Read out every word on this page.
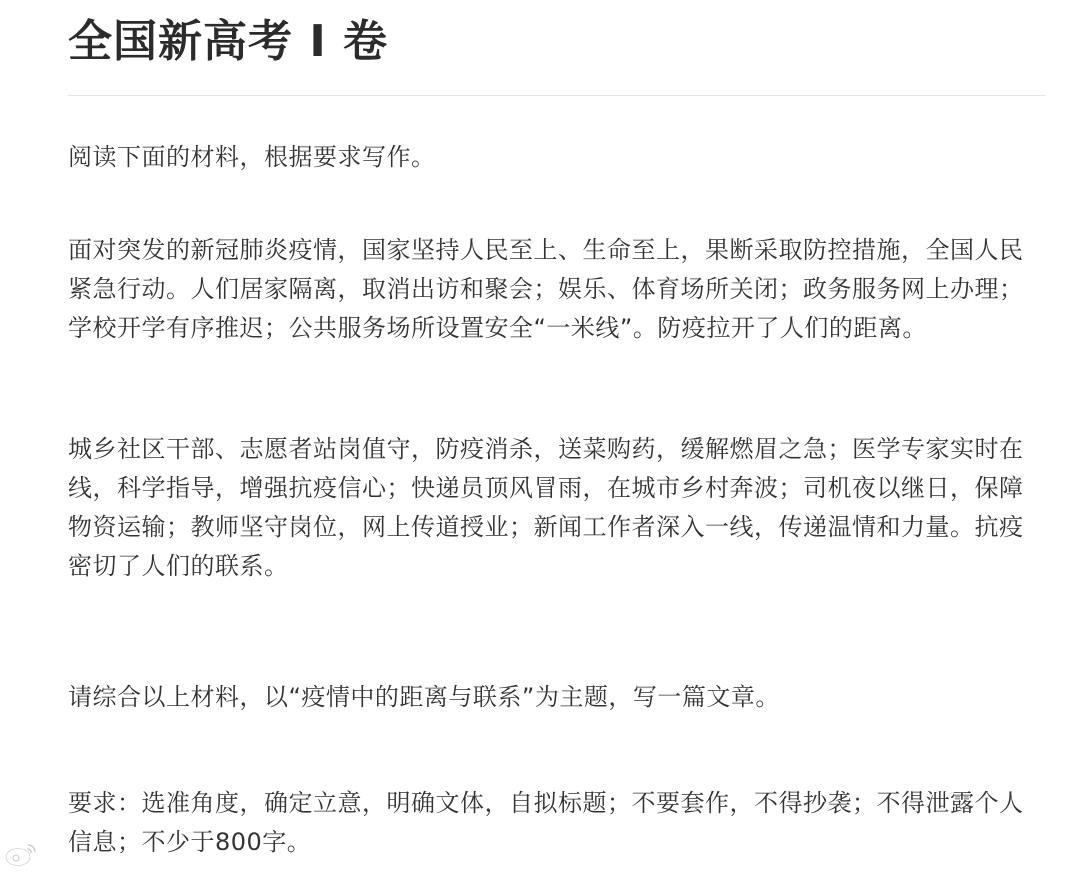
全国新高考 I 卷

阅读下面的材料，根据要求写作。

面对突发的新冠肺炎疫情，国家坚持人民至上、生命至上，果断采取防控措施，全国人民紧急行动。人们居家隔离，取消出访和聚会；娱乐、体育场所关闭；政务服务网上办理；学校开学有序推迟；公共服务场所设置安全“一米线”。防疫拉开了人们的距离。

城乡社区干部、志愿者站岗值守，防疫消杀，送菜购药，缓解燃眉之急；医学专家实时在线，科学指导，增强抗疫信心；快递员顶风冒雨，在城市乡村奔波；司机夜以继日，保障物资运输；教师坚守岗位，网上传道授业；新闻工作者深入一线，传递温情和力量。抗疫密切了人们的联系。

请综合以上材料，以“疫情中的距离与联系”为主题，写一篇文章。

要求：选准角度，确定立意，明确文体，自拟标题；不要套作，不得抄袭；不得泄露个人信息；不少于800字。
